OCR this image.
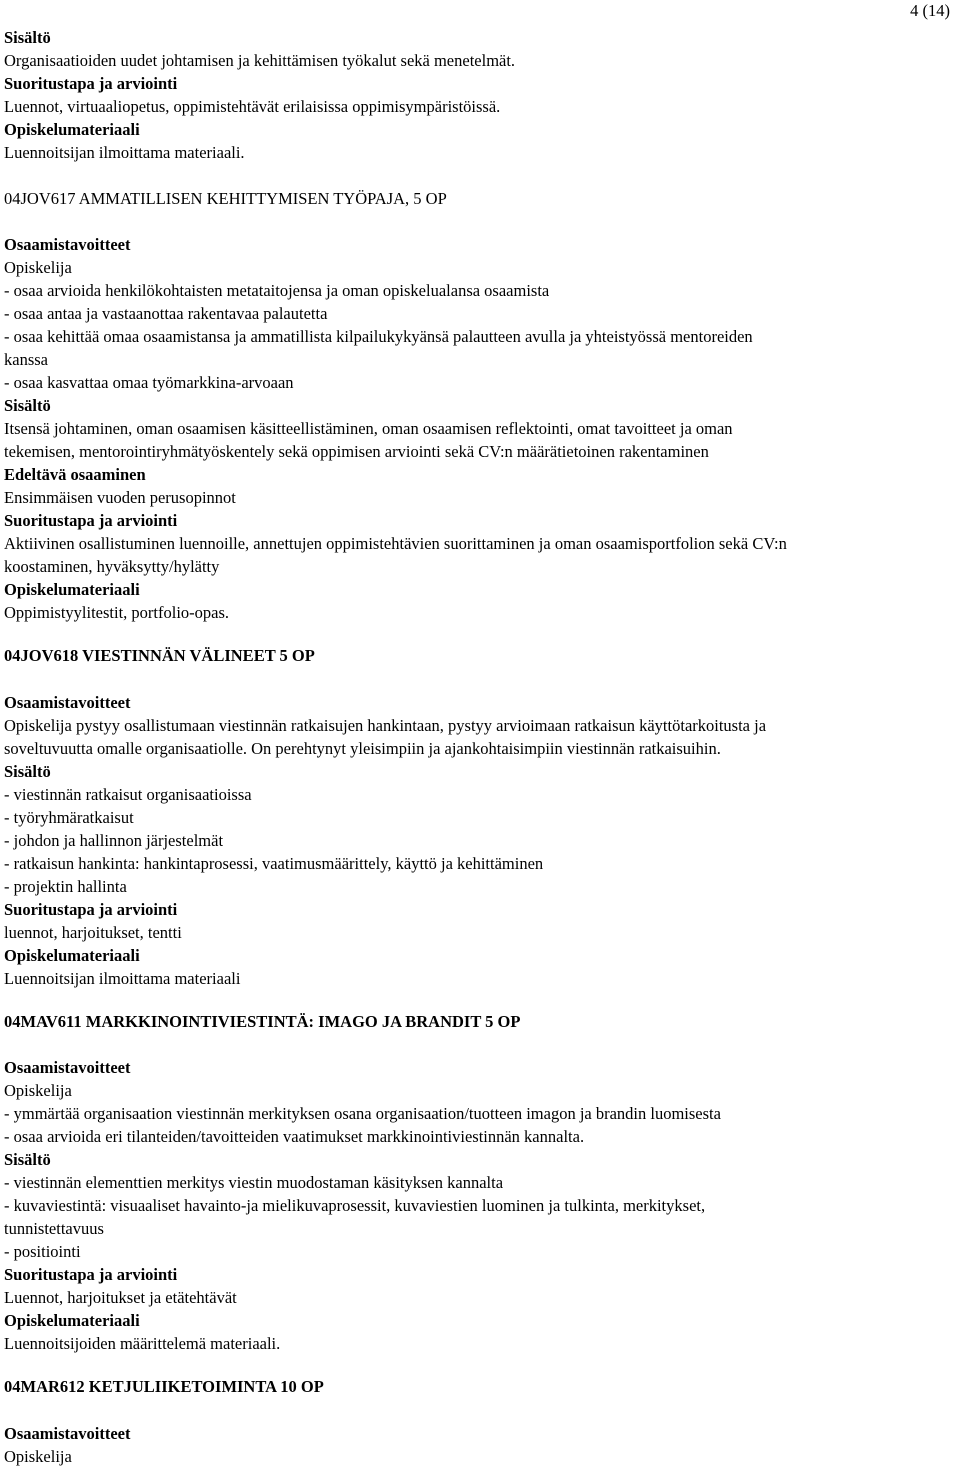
4 (14)
Sisältö
Organisaatioiden uudet johtamisen ja kehittämisen työkalut sekä menetelmät.
Suoritustapa ja arviointi
Luennot, virtuaaliopetus, oppimistehtävät erilaisissa oppimisympäristöissä.
Opiskelumateriaali
Luennoitsijan ilmoittama materiaali.
04JOV617 AMMATILLISEN KEHITTYMISEN TYÖPAJA, 5 OP
Osaamistavoitteet
Opiskelija
- osaa arvioida henkilökohtaisten metataitojensa ja oman opiskelualansa osaamista
- osaa antaa ja vastaanottaa rakentavaa palautetta
- osaa kehittää omaa osaamistansa ja ammatillista kilpailukykyänsä palautteen avulla ja yhteistyössä mentoreiden
kanssa
- osaa kasvattaa omaa työmarkkina-arvoaan
Sisältö
Itsensä johtaminen, oman osaamisen käsitteellistäminen, oman osaamisen reflektointi, omat tavoitteet ja oman
tekemisen, mentorointiryhmätyöskentely sekä oppimisen arviointi sekä CV:n määrätietoinen rakentaminen
Edeltävä osaaminen
Ensimmäisen vuoden perusopinnot
Suoritustapa ja arviointi
Aktiivinen osallistuminen luennoille, annettujen oppimistehtävien suorittaminen ja oman osaamisportfolion sekä CV:n
koostaminen, hyväksytty/hylätty
Opiskelumateriaali
Oppimistyylitestit, portfolio-opas.
04JOV618 VIESTINNÄN VÄLINEET 5 OP
Osaamistavoitteet
Opiskelija pystyy osallistumaan viestinnän ratkaisujen hankintaan, pystyy arvioimaan ratkaisun käyttötarkoitusta ja
soveltuvuutta omalle organisaatiolle. On perehtynyt yleisimpiin ja ajankohtaisimpiin viestinnän ratkaisuihin.
Sisältö
- viestinnän ratkaisut organisaatioissa
- työryhmäratkaisut
- johdon ja hallinnon järjestelmät
- ratkaisun hankinta: hankintaprosessi, vaatimusmäärittely, käyttö ja kehittäminen
- projektin hallinta
Suoritustapa ja arviointi
luennot, harjoitukset, tentti
Opiskelumateriaali
Luennoitsijan ilmoittama materiaali
04MAV611 MARKKINOINTIVIESTINTÄ: IMAGO JA BRANDIT 5 OP
Osaamistavoitteet
Opiskelija
- ymmärtää organisaation viestinnän merkityksen osana organisaation/tuotteen imagon ja brandin luomisesta
- osaa arvioida eri tilanteiden/tavoitteiden vaatimukset markkinointiviestinnän kannalta.
Sisältö
- viestinnän elementtien merkitys viestin muodostaman käsityksen kannalta
- kuvaviestintä: visuaaliset havainto-ja mielikuvaprosessit, kuvaviestien luominen ja tulkinta, merkitykset,
tunnistettavuus
- positiointi
Suoritustapa ja arviointi
Luennot, harjoitukset ja etätehtävät
Opiskelumateriaali
Luennoitsijoiden määrittelemä materiaali.
04MAR612 KETJULIIKETOIMINTA 10 OP
Osaamistavoitteet
Opiskelija
